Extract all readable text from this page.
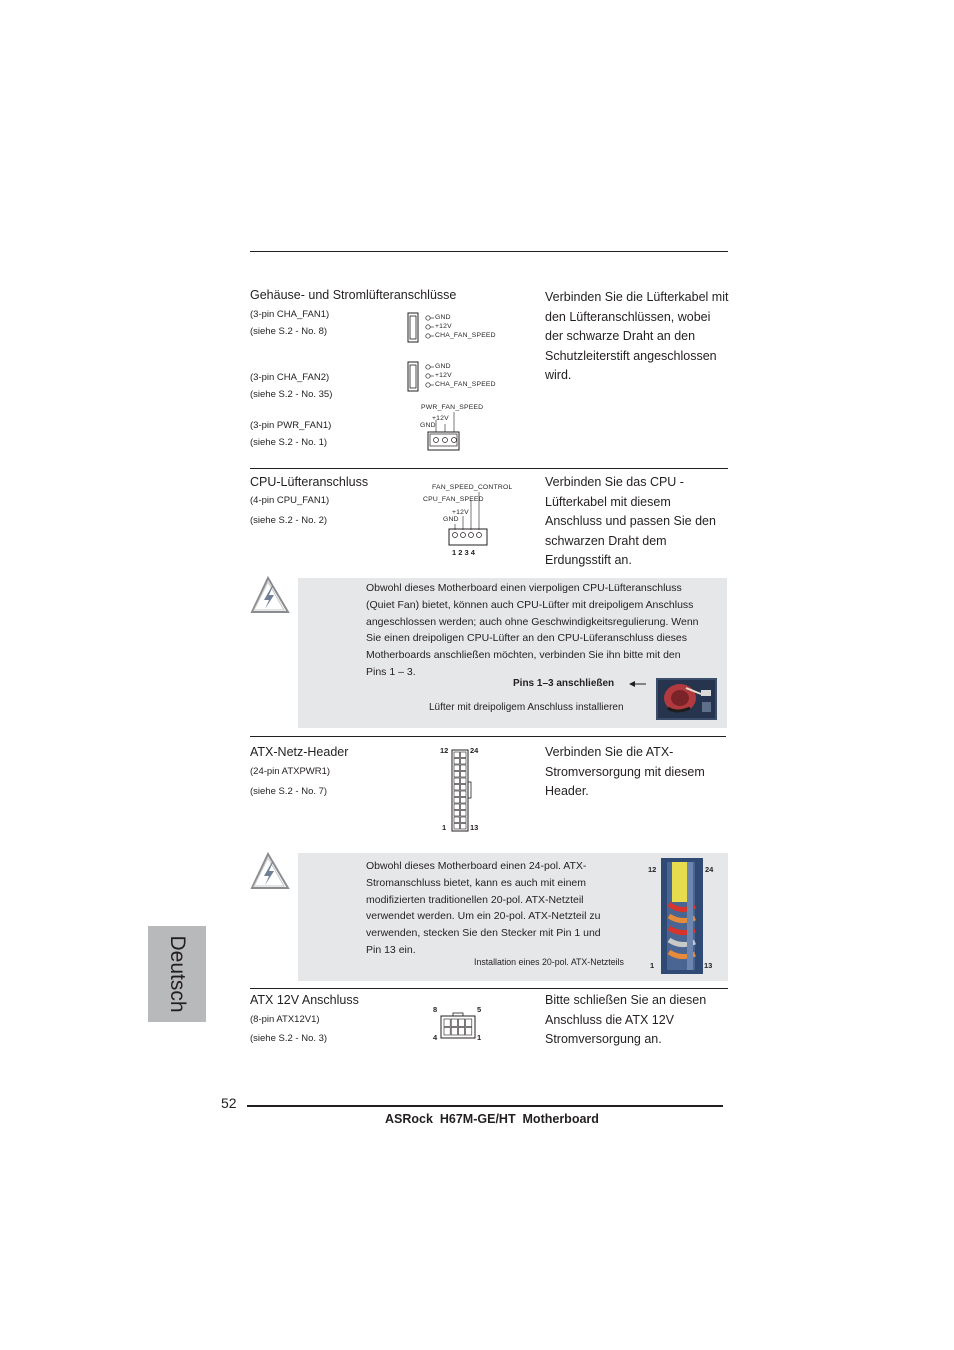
Gehäuse- und Stromlüfteranschlüsse
(3-pin CHA_FAN1)
(siehe S.2 - No. 8)
(3-pin CHA_FAN2)
(siehe S.2 - No. 35)
(3-pin PWR_FAN1)
(siehe S.2 - No. 1)
GND
+12V
CHA_FAN_SPEED
GND
+12V
CHA_FAN_SPEED
PWR_FAN_SPEED
+12V
GND
Verbinden Sie die Lüfterkabel mit
den Lüfteranschlüssen, wobei
der schwarze Draht an den
Schutzleiterstift angeschlossen
wird.
CPU-Lüfteranschluss
(4-pin CPU_FAN1)
(siehe S.2 - No. 2)
FAN_SPEED_CONTROL
CPU_FAN_SPEED
+12V
GND
1 2 3 4
Verbinden Sie das CPU -
Lüfterkabel mit diesem
Anschluss und passen Sie den
schwarzen Draht dem
Erdungsstift an.
Obwohl dieses Motherboard einen vierpoligen CPU-Lüfteranschluss
(Quiet Fan) bietet, können auch CPU-Lüfter mit dreipoligem Anschluss
angeschlossen werden; auch ohne Geschwindigkeitsregulierung. Wenn
Sie einen dreipoligen CPU-Lüfter an den CPU-Lüferanschluss dieses
Motherboards anschließen möchten, verbinden Sie ihn bitte mit den
Pins 1 – 3.
Pins 1–3 anschließen
Lüfter mit dreipoligem Anschluss installieren
ATX-Netz-Header
(24-pin ATXPWR1)
(siehe S.2 - No. 7)
12	24
1	13
Verbinden Sie die ATX-
Stromversorgung mit diesem
Header.
Obwohl dieses Motherboard einen 24-pol. ATX-
Stromanschluss bietet, kann es auch mit einem
modifizierten traditionellen 20-pol. ATX-Netzteil
verwendet werden. Um ein 20-pol. ATX-Netzteil zu
verwenden, stecken Sie den Stecker mit Pin 1 und
Pin 13 ein.
Installation eines 20-pol. ATX-Netzteils
12	24
1	13
ATX 12V Anschluss
(8-pin ATX12V1)
(siehe S.2 - No. 3)
8	5
4	1
Bitte schließen Sie an diesen
Anschluss die ATX 12V
Stromversorgung an.
Deutsch
52
ASRock  H67M-GE/HT  Motherboard
